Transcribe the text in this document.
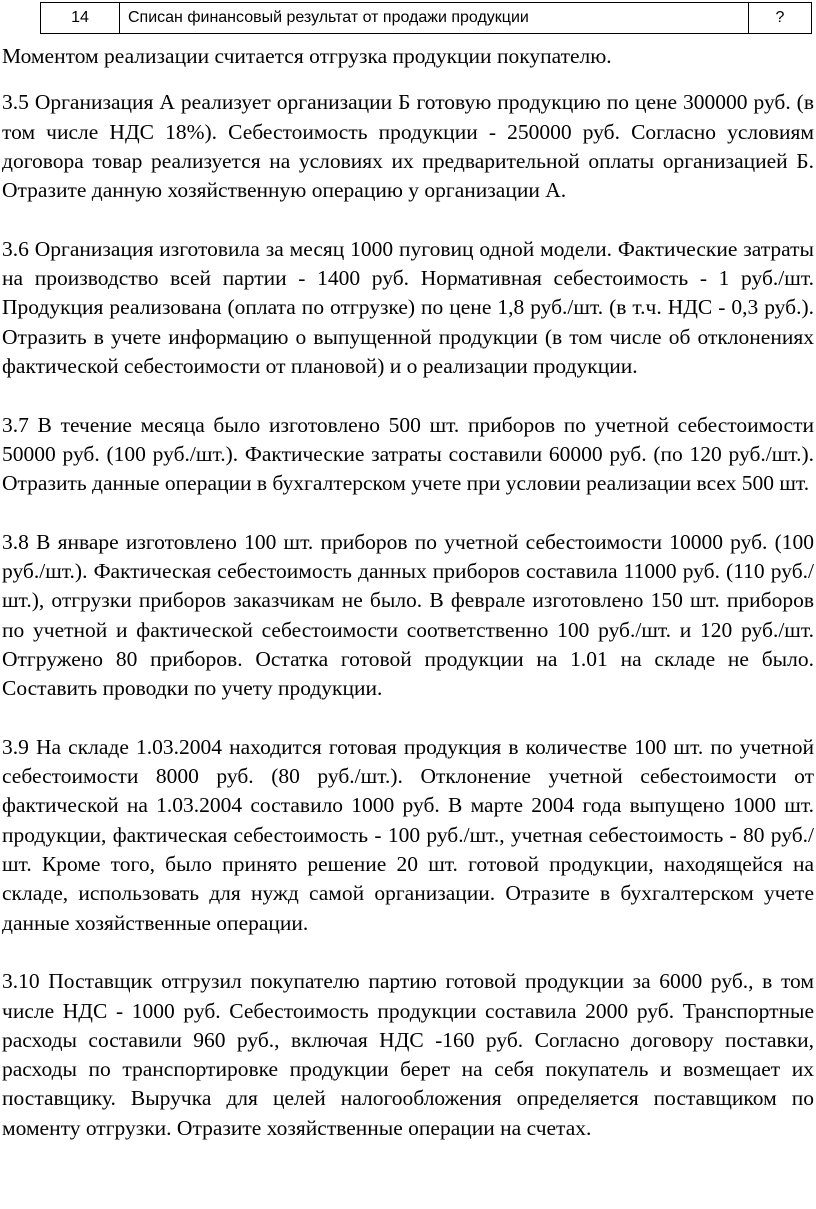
14	Списан финансовый результат от продажи продукции	?

Моментом реализации считается отгрузка продукции покупателю.

3.5 Организация А реализует организации Б готовую продукцию по цене 300000 руб. (в том числе НДС 18%). Себестоимость продукции - 250000 руб. Согласно условиям договора товар реализуется на условиях их предварительной оплаты организацией Б. Отразите данную хозяйственную операцию у организации А.

3.6 Организация изготовила за месяц 1000 пуговиц одной модели. Фактические затраты на производство всей партии - 1400 руб. Нормативная себестоимость - 1 руб./шт. Продукция реализована (оплата по отгрузке) по цене 1,8 руб./шт. (в т.ч. НДС - 0,3 руб.). Отразить в учете информацию о выпущенной продукции (в том числе об отклонениях фактической себестоимости от плановой) и о реализации продукции.

3.7 В течение месяца было изготовлено 500 шт. приборов по учетной себестоимости 50000 руб. (100 руб./шт.). Фактические затраты составили 60000 руб. (по 120 руб./шт.). Отразить данные операции в бухгалтерском учете при условии реализации всех 500 шт.

3.8 В январе изготовлено 100 шт. приборов по учетной себестоимости 10000 руб. (100 руб./шт.). Фактическая себестоимость данных приборов составила 11000 руб. (110 руб./шт.), отгрузки приборов заказчикам не было. В феврале изготовлено 150 шт. приборов по учетной и фактической себестоимости соответственно 100 руб./шт. и 120 руб./шт. Отгружено 80 приборов. Остатка готовой продукции на 1.01 на складе не было. Составить проводки по учету продукции.

3.9 На складе 1.03.2004 находится готовая продукция в количестве 100 шт. по учетной себестоимости 8000 руб. (80 руб./шт.). Отклонение учетной себестоимости от фактической на 1.03.2004 составило 1000 руб. В марте 2004 года выпущено 1000 шт. продукции, фактическая себестоимость - 100 руб./шт., учетная себестоимость - 80 руб./шт. Кроме того, было принято решение 20 шт. готовой продукции, находящейся на складе, использовать для нужд самой организации. Отразите в бухгалтерском учете данные хозяйственные операции.

3.10 Поставщик отгрузил покупателю партию готовой продукции за 6000 руб., в том числе НДС - 1000 руб. Себестоимость продукции составила 2000 руб. Транспортные расходы составили 960 руб., включая НДС -160 руб. Согласно договору поставки, расходы по транспортировке продукции берет на себя покупатель и возмещает их поставщику. Выручка для целей налогообложения определяется поставщиком по моменту отгрузки. Отразите хозяйственные операции на счетах.
